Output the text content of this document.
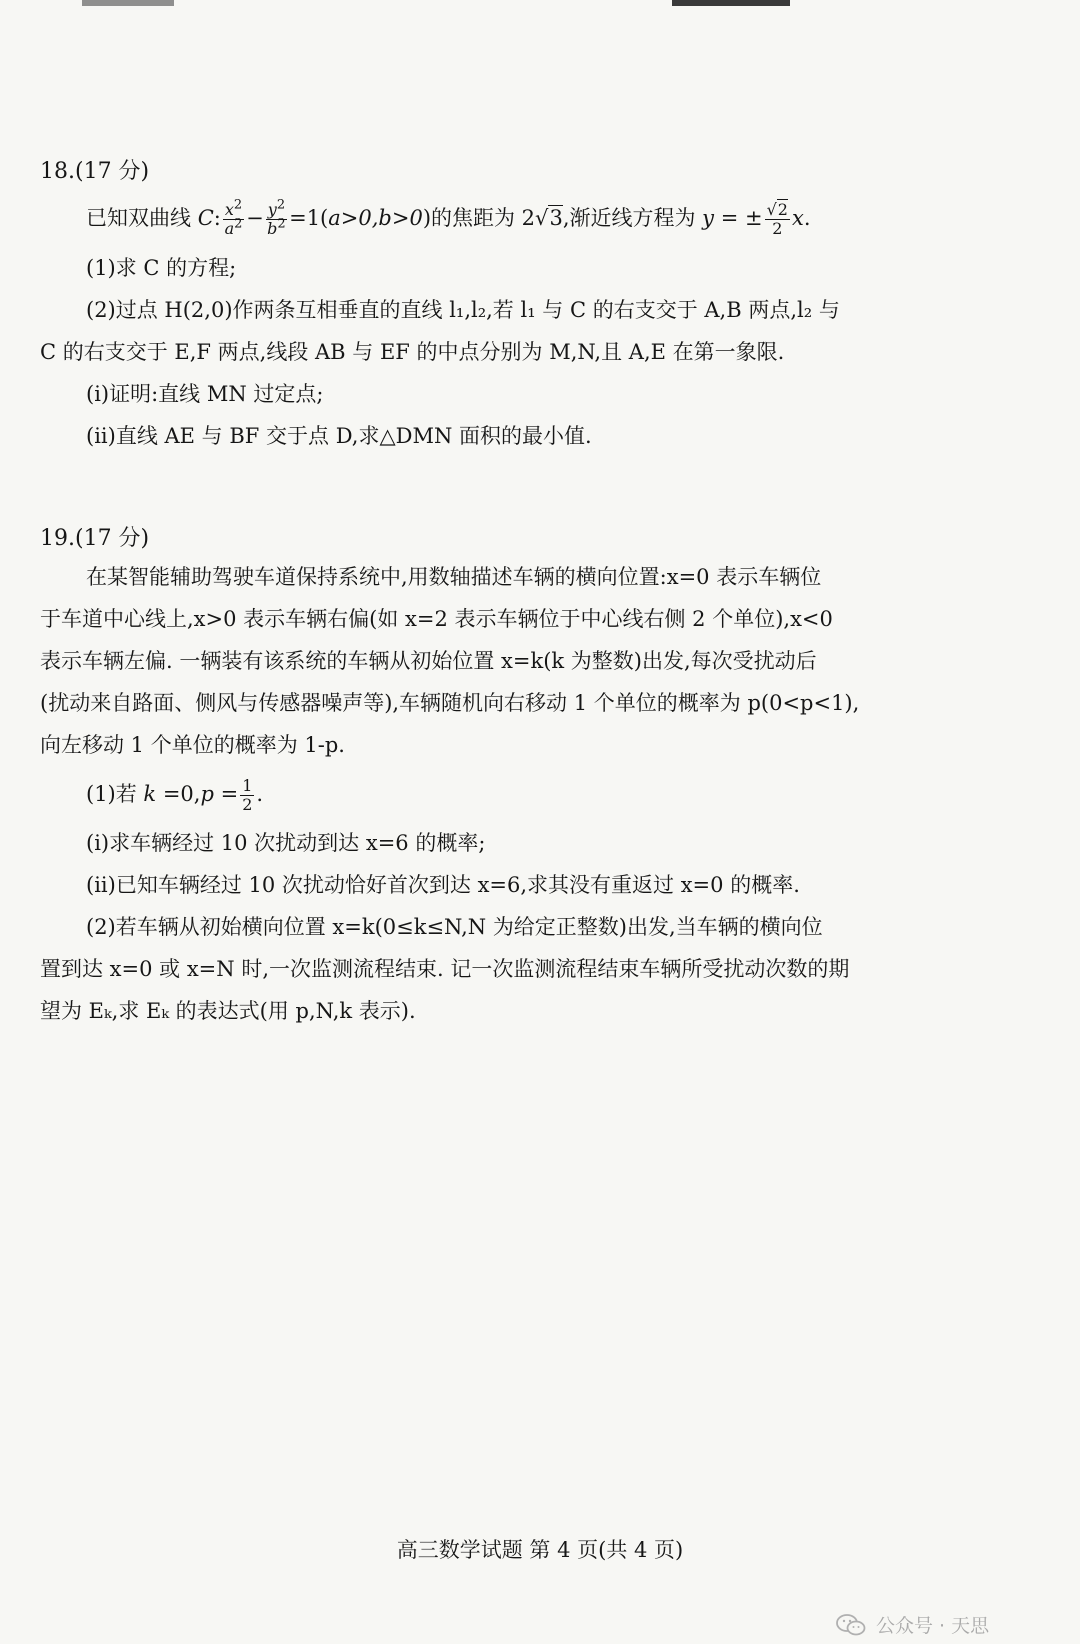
18.(17 分)
已知双曲线 C: $\frac{x^2}{a^2} - \frac{y^2}{b^2} =1(a>0,b>0)$的焦距为 2√3,渐近线方程为 y = ± $\frac{√2}{2} x$.
(1)求 C 的方程;
(2)过点 H(2,0)作两条互相垂直的直线 l₁,l₂,若 l₁ 与 C 的右支交于 A,B 两点,l₂ 与
C 的右支交于 E,F 两点,线段 AB 与 EF 的中点分别为 M,N,且 A,E 在第一象限.
(i)证明:直线 MN 过定点;
(ii)直线 AE 与 BF 交于点 D,求△DMN 面积的最小值.
19.(17 分)
在某智能辅助驾驶车道保持系统中,用数轴描述车辆的横向位置:x=0 表示车辆位
于车道中心线上,x>0 表示车辆右偏(如 x=2 表示车辆位于中心线右侧 2 个单位),x<0
表示车辆左偏. 一辆装有该系统的车辆从初始位置 x=k(k 为整数)出发,每次受扰动后
(扰动来自路面、侧风与传感器噪声等),车辆随机向右移动 1 个单位的概率为 p(0<p<1),
向左移动 1 个单位的概率为 1-p.
(1)若 $k =0,p = \frac{1}{2}$ .
(i)求车辆经过 10 次扰动到达 x=6 的概率;
(ii)已知车辆经过 10 次扰动恰好首次到达 x=6,求其没有重返过 x=0 的概率.
(2)若车辆从初始横向位置 x=k(0≤k≤N,N 为给定正整数)出发,当车辆的横向位
置到达 x=0 或 x=N 时,一次监测流程结束. 记一次监测流程结束车辆所受扰动次数的期
望为 Eₖ,求 Eₖ 的表达式(用 p,N,k 表示).
高三数学试题 第 4 页(共 4 页)
公众号 · 天思
